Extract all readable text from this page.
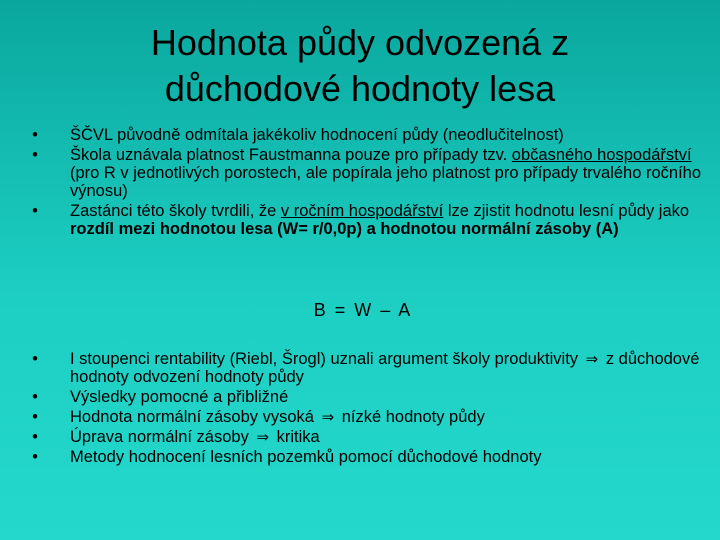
Hodnota půdy odvozená z
důchodové hodnoty lesa
• ŠČVL původně odmítala jakékoliv hodnocení půdy (neodlučitelnost)
• Škola uznávala platnost Faustmanna pouze pro případy tzv. občasného hospodářství (pro R v jednotlivých porostech, ale popírala jeho platnost pro případy trvalého ročního výnosu)
• Zastánci této školy tvrdili, že v ročním hospodářství lze zjistit hodnotu lesní půdy jako rozdíl mezi hodnotou lesa (W= r/0,0p) a hodnotou normální zásoby (A)
B = W – A
• I stoupenci rentability (Riebl, Šrogl) uznali argument školy produktivity ⇒ z důchodové hodnoty odvození hodnoty půdy
• Výsledky pomocné a přibližné
• Hodnota normální zásoby vysoká ⇒ nízké hodnoty půdy
• Úprava normální zásoby ⇒ kritika
• Metody hodnocení lesních pozemků pomocí důchodové hodnoty
